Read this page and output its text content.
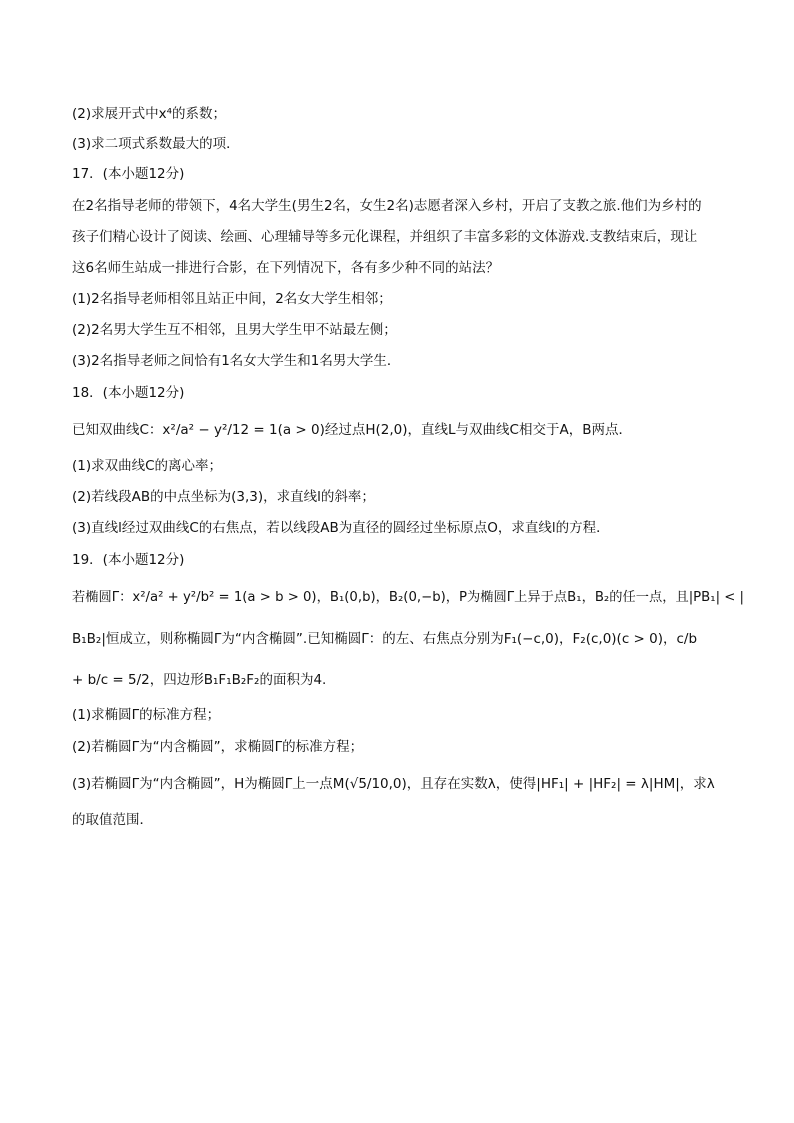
(2)求展开式中x⁴的系数；
(3)求二项式系数最大的项．
17．(本小题12分)
在2名指导老师的带领下，4名大学生(男生2名，女生2名)志愿者深入乡村，开启了支教之旅.他们为乡村的
孩子们精心设计了阅读、绘画、心理辅导等多元化课程，并组织了丰富多彩的文体游戏.支教结束后，现让
这6名师生站成一排进行合影，在下列情况下，各有多少种不同的站法？
(1)2名指导老师相邻且站正中间，2名女大学生相邻；
(2)2名男大学生互不相邻，且男大学生甲不站最左侧；
(3)2名指导老师之间恰有1名女大学生和1名男大学生．
18．(本小题12分)
已知双曲线C：x²/a² − y²/12 = 1(a > 0)经过点H(2,0)，直线L与双曲线C相交于A，B两点．
(1)求双曲线C的离心率；
(2)若线段AB的中点坐标为(3,3)，求直线l的斜率；
(3)直线l经过双曲线C的右焦点，若以线段AB为直径的圆经过坐标原点O，求直线l的方程．
19．(本小题12分)
若椭圆Γ：x²/a² + y²/b² = 1(a > b > 0)，B₁(0,b)，B₂(0,−b)，P为椭圆Γ上异于点B₁，B₂的任一点，且|PB₁| < |
B₁B₂|恒成立，则称椭圆Γ为“内含椭圆”.已知椭圆Γ：的左、右焦点分别为F₁(−c,0)，F₂(c,0)(c > 0)，c/b
+ b/c = 5/2，四边形B₁F₁B₂F₂的面积为4.
(1)求椭圆Γ的标准方程；
(2)若椭圆Γ为“内含椭圆”，求椭圆Γ的标准方程；
(3)若椭圆Γ为“内含椭圆”，H为椭圆Γ上一点M(√5/10,0)，且存在实数λ，使得|HF₁| + |HF₂| = λ|HM|，求λ
的取值范围．
